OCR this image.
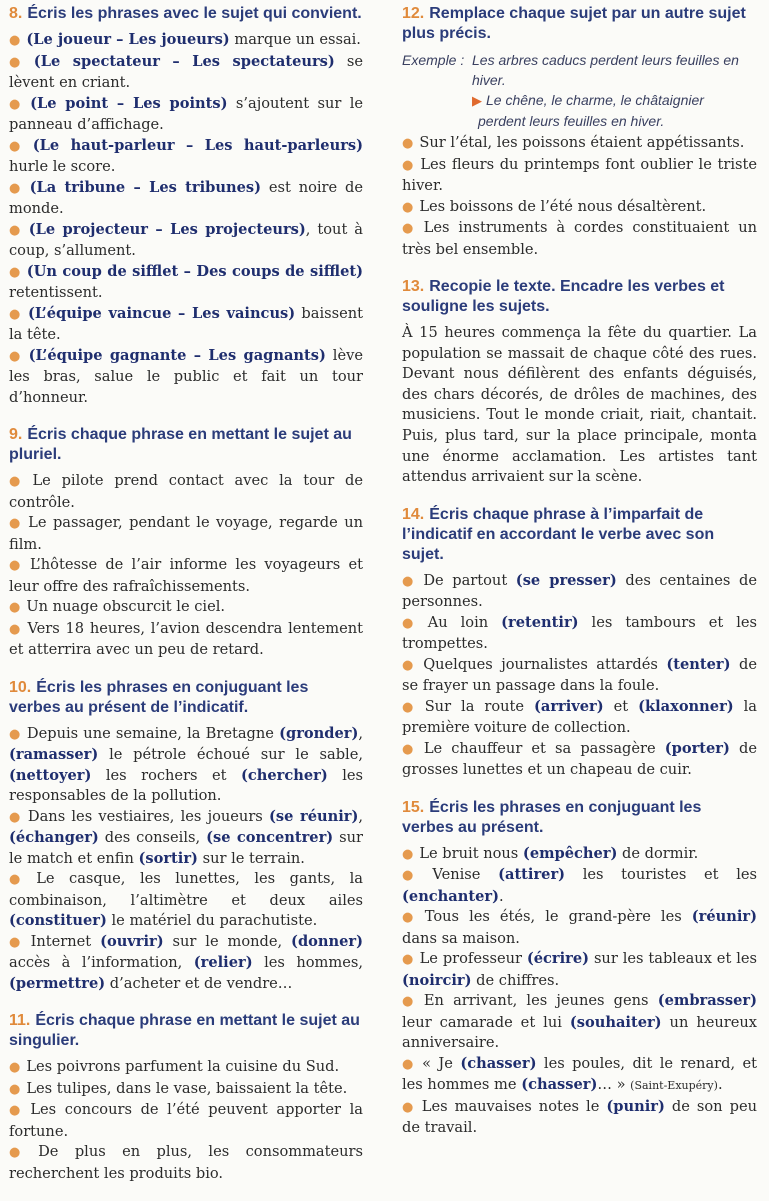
8. Écris les phrases avec le sujet qui convient.

● (Le joueur – Les joueurs) marque un essai.

● (Le spectateur – Les spectateurs) se lèvent en criant.

● (Le point – Les points) s’ajoutent sur le panneau d’affichage.

● (Le haut-parleur – Les haut-parleurs) hurle le score.

● (La tribune – Les tribunes) est noire de monde.

● (Le projecteur – Les projecteurs), tout à coup, s’allument.

● (Un coup de sifflet – Des coups de sifflet) retentissent.

● (L’équipe vaincue – Les vaincus) baissent la tête.

● (L’équipe gagnante – Les gagnants) lève les bras, salue le public et fait un tour d’honneur.

9. Écris chaque phrase en mettant le sujet au pluriel.

● Le pilote prend contact avec la tour de contrôle.

● Le passager, pendant le voyage, regarde un film.

● L’hôtesse de l’air informe les voyageurs et leur offre des rafraîchissements.

● Un nuage obscurcit le ciel.

● Vers 18 heures, l’avion descendra lentement et atterrira avec un peu de retard.

10. Écris les phrases en conjuguant les verbes au présent de l’indicatif.

● Depuis une semaine, la Bretagne (gronder), (ramasser) le pétrole échoué sur le sable, (nettoyer) les rochers et (chercher) les responsables de la pollution.

● Dans les vestiaires, les joueurs (se réunir), (échanger) des conseils, (se concentrer) sur le match et enfin (sortir) sur le terrain.

● Le casque, les lunettes, les gants, la combinaison, l’altimètre et deux ailes (constituer) le matériel du parachutiste.

● Internet (ouvrir) sur le monde, (donner) accès à l’information, (relier) les hommes, (permettre) d’acheter et de vendre…

11. Écris chaque phrase en mettant le sujet au singulier.

● Les poivrons parfument la cuisine du Sud.

● Les tulipes, dans le vase, baissaient la tête.

● Les concours de l’été peuvent apporter la fortune.

● De plus en plus, les consommateurs recherchent les produits bio.

12. Remplace chaque sujet par un autre sujet plus précis.
Exemple : Les arbres caducs perdent leurs feuilles en
hiver.
▶ Le chêne, le charme, le châtaignier
perdent leurs feuilles en hiver.

● Sur l’étal, les poissons étaient appétissants.

● Les fleurs du printemps font oublier le triste hiver.

● Les boissons de l’été nous désaltèrent.

● Les instruments à cordes constituaient un très bel ensemble.

13. Recopie le texte. Encadre les verbes et souligne les sujets.

À 15 heures commença la fête du quartier. La population se massait de chaque côté des rues. Devant nous défilèrent des enfants déguisés, des chars décorés, de drôles de machines, des musiciens. Tout le monde criait, riait, chantait. Puis, plus tard, sur la place principale, monta une énorme acclamation. Les artistes tant attendus arrivaient sur la scène.

14. Écris chaque phrase à l’imparfait de l’indicatif en accordant le verbe avec son sujet.

● De partout (se presser) des centaines de personnes.

● Au loin (retentir) les tambours et les trompettes.

● Quelques journalistes attardés (tenter) de se frayer un passage dans la foule.

● Sur la route (arriver) et (klaxonner) la première voiture de collection.

● Le chauffeur et sa passagère (porter) de grosses lunettes et un chapeau de cuir.

15. Écris les phrases en conjuguant les verbes au présent.

● Le bruit nous (empêcher) de dormir.

● Venise (attirer) les touristes et les (enchanter).

● Tous les étés, le grand-père les (réunir) dans sa maison.

● Le professeur (écrire) sur les tableaux et les (noircir) de chiffres.

● En arrivant, les jeunes gens (embrasser) leur camarade et lui (souhaiter) un heureux anniversaire.

● « Je (chasser) les poules, dit le renard, et les hommes me (chasser)… » (Saint-Exupéry).

● Les mauvaises notes le (punir) de son peu de travail.
